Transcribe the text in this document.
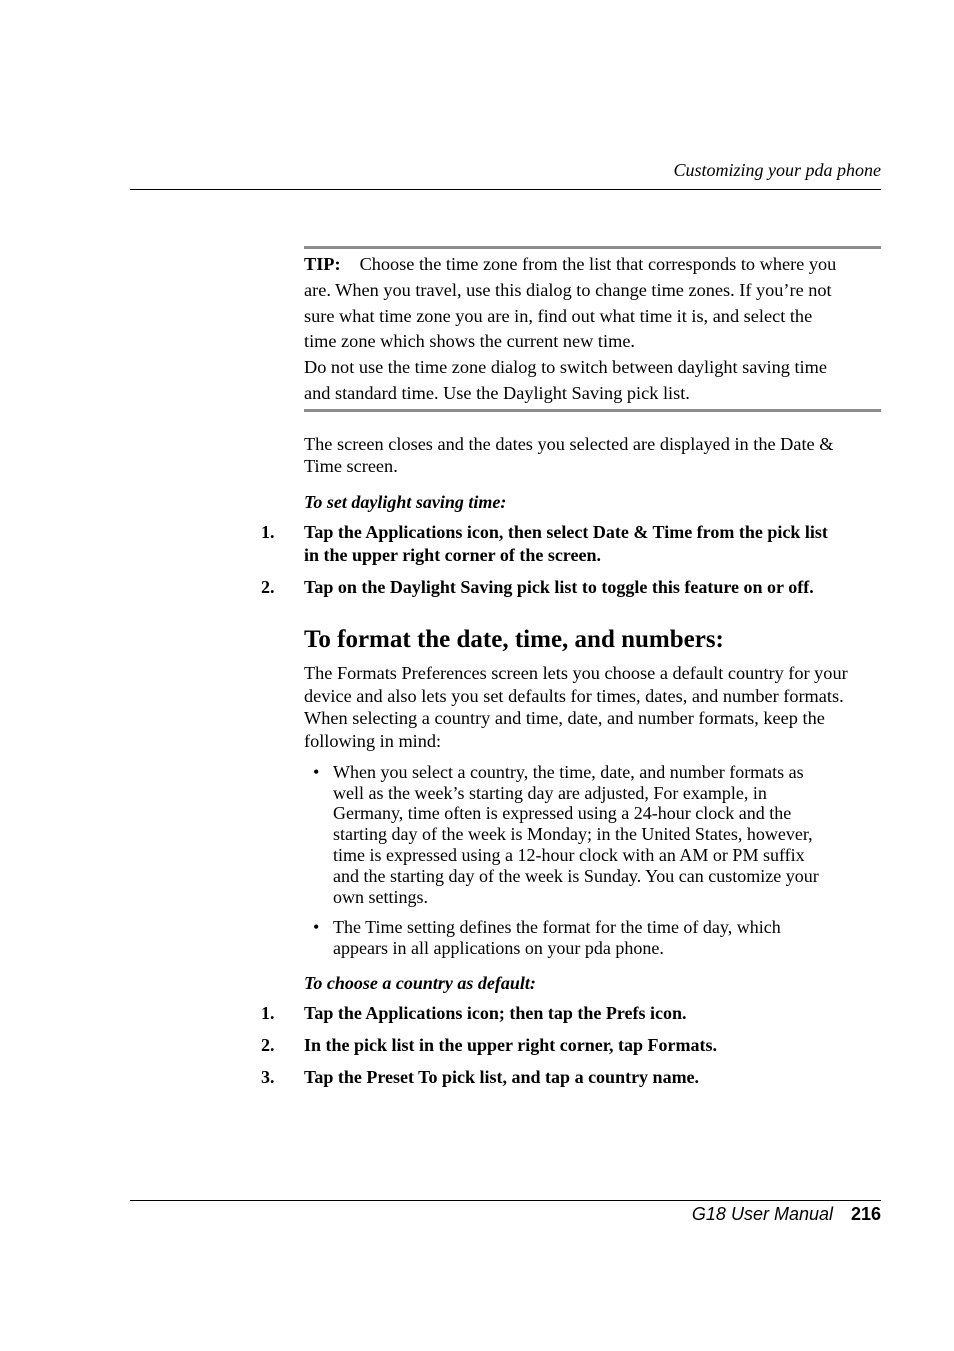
Customizing your pda phone
TIP: Choose the time zone from the list that corresponds to where you
are. When you travel, use this dialog to change time zones. If you’re not
sure what time zone you are in, find out what time it is, and select the
time zone which shows the current new time.
Do not use the time zone dialog to switch between daylight saving time
and standard time. Use the Daylight Saving pick list.
The screen closes and the dates you selected are displayed in the Date &
Time screen.
To set daylight saving time:
1. Tap the Applications icon, then select Date & Time from the pick list
in the upper right corner of the screen.
2. Tap on the Daylight Saving pick list to toggle this feature on or off.
To format the date, time, and numbers:
The Formats Preferences screen lets you choose a default country for your
device and also lets you set defaults for times, dates, and number formats.
When selecting a country and time, date, and number formats, keep the
following in mind:
• When you select a country, the time, date, and number formats as
well as the week’s starting day are adjusted, For example, in
Germany, time often is expressed using a 24-hour clock and the
starting day of the week is Monday; in the United States, however,
time is expressed using a 12-hour clock with an AM or PM suffix
and the starting day of the week is Sunday. You can customize your
own settings.
• The Time setting defines the format for the time of day, which
appears in all applications on your pda phone.
To choose a country as default:
1. Tap the Applications icon; then tap the Prefs icon.
2. In the pick list in the upper right corner, tap Formats.
3. Tap the Preset To pick list, and tap a country name.
G18 User Manual 216
